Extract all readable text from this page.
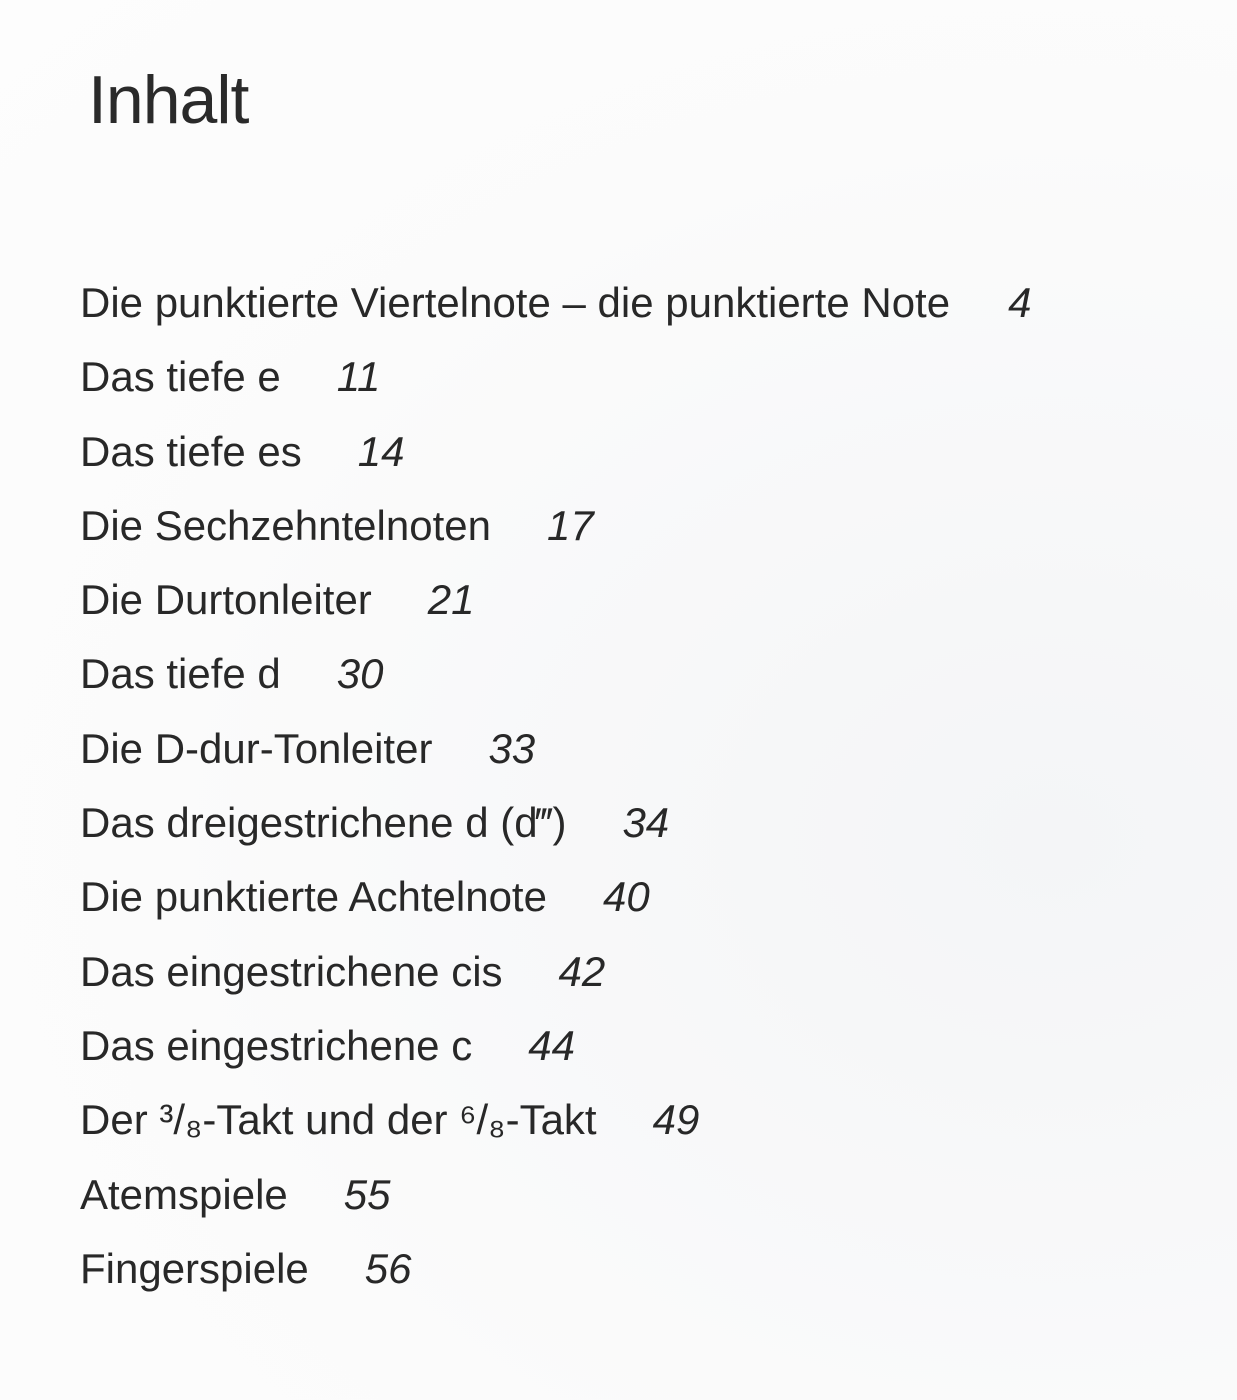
Inhalt
Die punktierte Viertelnote – die punktierte Note 4
Das tiefe e 11
Das tiefe es 14
Die Sechzehntelnoten 17
Die Durtonleiter 21
Das tiefe d 30
Die D-dur-Tonleiter 33
Das dreigestrichene d (d‴) 34
Die punktierte Achtelnote 40
Das eingestrichene cis 42
Das eingestrichene c 44
Der ³/₈-Takt und der ⁶/₈-Takt 49
Atemspiele 55
Fingerspiele 56
